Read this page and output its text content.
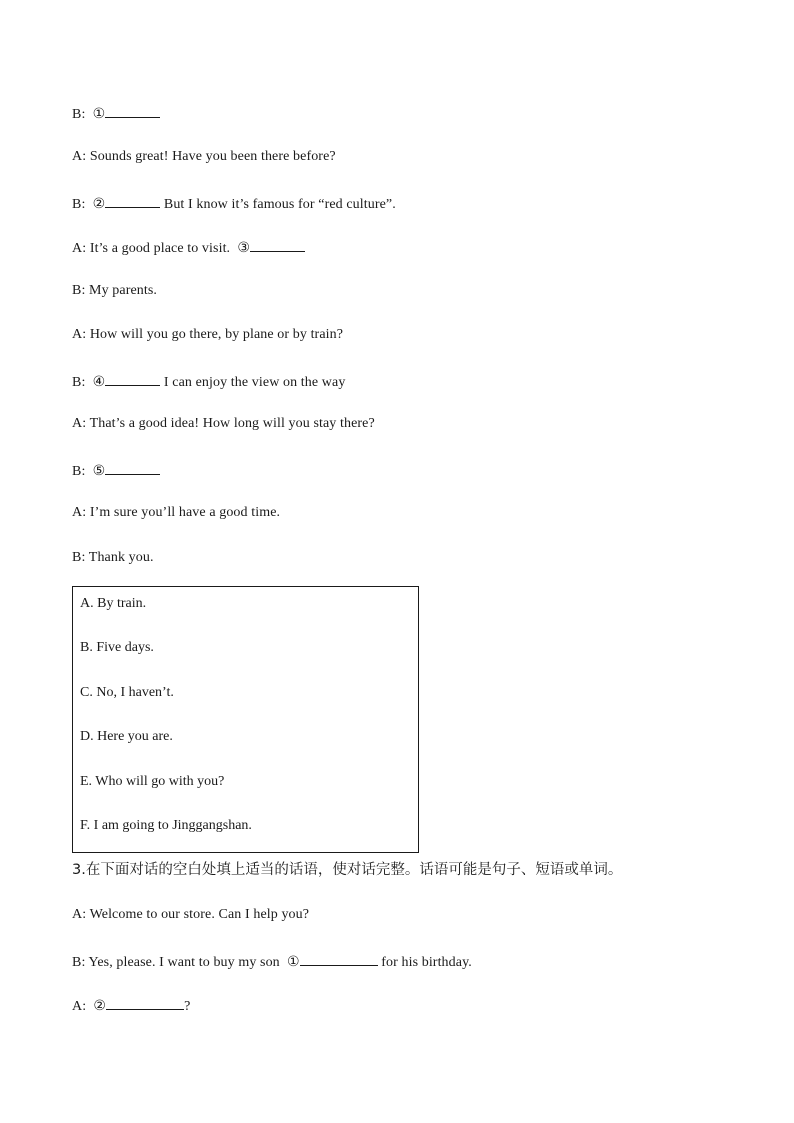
B: ①
A: Sounds great! Have you been there before?
B: ②	But I know it’s famous for “red culture”.
A: It’s a good place to visit.  ③
B: My parents.
A: How will you go there, by plane or by train?
B: ④	I can enjoy the view on the way
A: That’s a good idea! How long will you stay there?
B: ⑤
A: I’m sure you’ll have a good time.
B: Thank you.
A. By train.
B. Five days.
C. No, I haven’t.
D. Here you are.
E. Who will go with you?
F. I am going to Jinggangshan.
3.在下面对话的空白处填上适当的话语，使对话完整。话语可能是句子、短语或单词。
A: Welcome to our store. Can I help you?
B: Yes, please. I want to buy my son  ①	for his birthday.
A: ②	?
